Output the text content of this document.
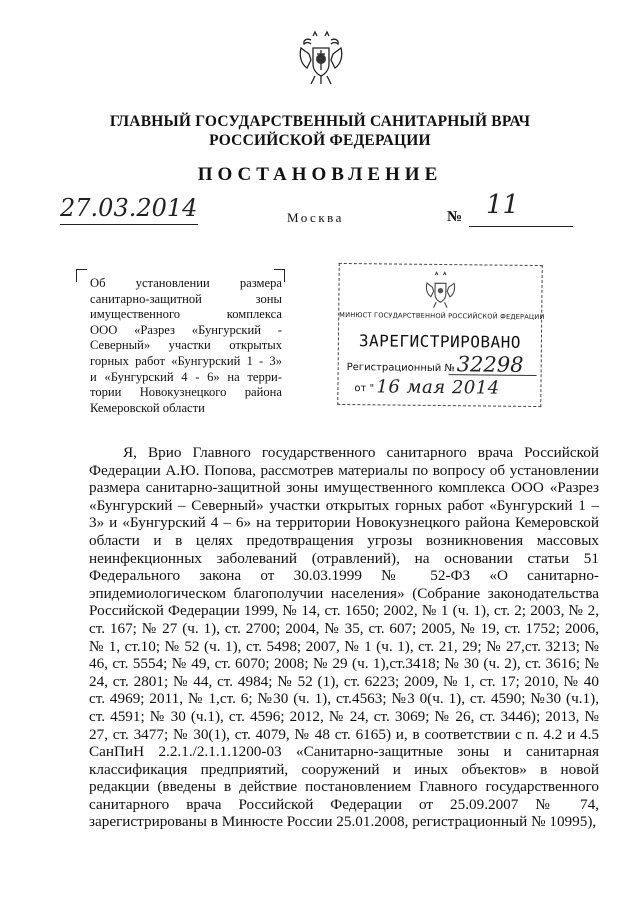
ГЛАВНЫЙ ГОСУДАРСТВЕННЫЙ САНИТАРНЫЙ ВРАЧ
РОССИЙСКОЙ ФЕДЕРАЦИИ
ПОСТАНОВЛЕНИЕ
27.03.2014	Москва	№ 11
Об установлении размера
санитарно-защитной зоны
имущественного комплекса
ООО «Разрез «Бунгурский -
Северный» участки открытых
горных работ «Бунгурский 1 - 3»
и «Бунгурский 4 - 6» на терри-
тории Новокузнецкого района
Кемеровской области
МИНЮСТ ГОСУДАРСТВЕННОЙ РОССИЙСКОЙ ФЕДЕРАЦИИ
ЗАРЕГИСТРИРОВАНО
Регистрационный № 32298
от " 16 мая 2014
Я, Врио Главного государственного санитарного врача Российской
Федерации А.Ю. Попова, рассмотрев материалы по вопросу об установлении
размера санитарно-защитной зоны имущественного комплекса ООО «Разрез
«Бунгурский – Северный» участки открытых горных работ «Бунгурский 1 –
3» и «Бунгурский 4 – 6» на территории Новокузнецкого района Кемеровской
области и в целях предотвращения угрозы возникновения массовых
неинфекционных заболеваний (отравлений), на основании статьи 51
Федерального закона от 30.03.1999 № 52-ФЗ «О санитарно-
эпидемиологическом благополучии населения» (Собрание законодательства
Российской Федерации 1999, № 14, ст. 1650; 2002, № 1 (ч. 1), ст. 2; 2003, № 2,
ст. 167; № 27 (ч. 1), ст. 2700; 2004, № 35, ст. 607; 2005, № 19, ст. 1752; 2006,
№ 1, ст.10; № 52 (ч. 1), ст. 5498; 2007, № 1 (ч. 1), ст. 21, 29; № 27,ст. 3213; №
46, ст. 5554; № 49, ст. 6070; 2008; № 29 (ч. 1),ст.3418; № 30 (ч. 2), ст. 3616; №
24, ст. 2801; № 44, ст. 4984; № 52 (1), ст. 6223; 2009, № 1, ст. 17; 2010, № 40
ст. 4969; 2011, № 1,ст. 6; №30 (ч. 1), ст.4563; №3 0(ч. 1), ст. 4590; №30 (ч.1),
ст. 4591; № 30 (ч.1), ст. 4596; 2012, № 24, ст. 3069; № 26, ст. 3446); 2013, №
27, ст. 3477; № 30(1), ст. 4079, № 48 ст. 6165) и, в соответствии с п. 4.2 и 4.5
СанПиН 2.2.1./2.1.1.1200-03 «Санитарно-защитные зоны и санитарная
классификация предприятий, сооружений и иных объектов» в новой
редакции (введены в действие постановлением Главного государственного
санитарного врача Российской Федерации от 25.09.2007 № 74,
зарегистрированы в Минюсте России 25.01.2008, регистрационный № 10995),
